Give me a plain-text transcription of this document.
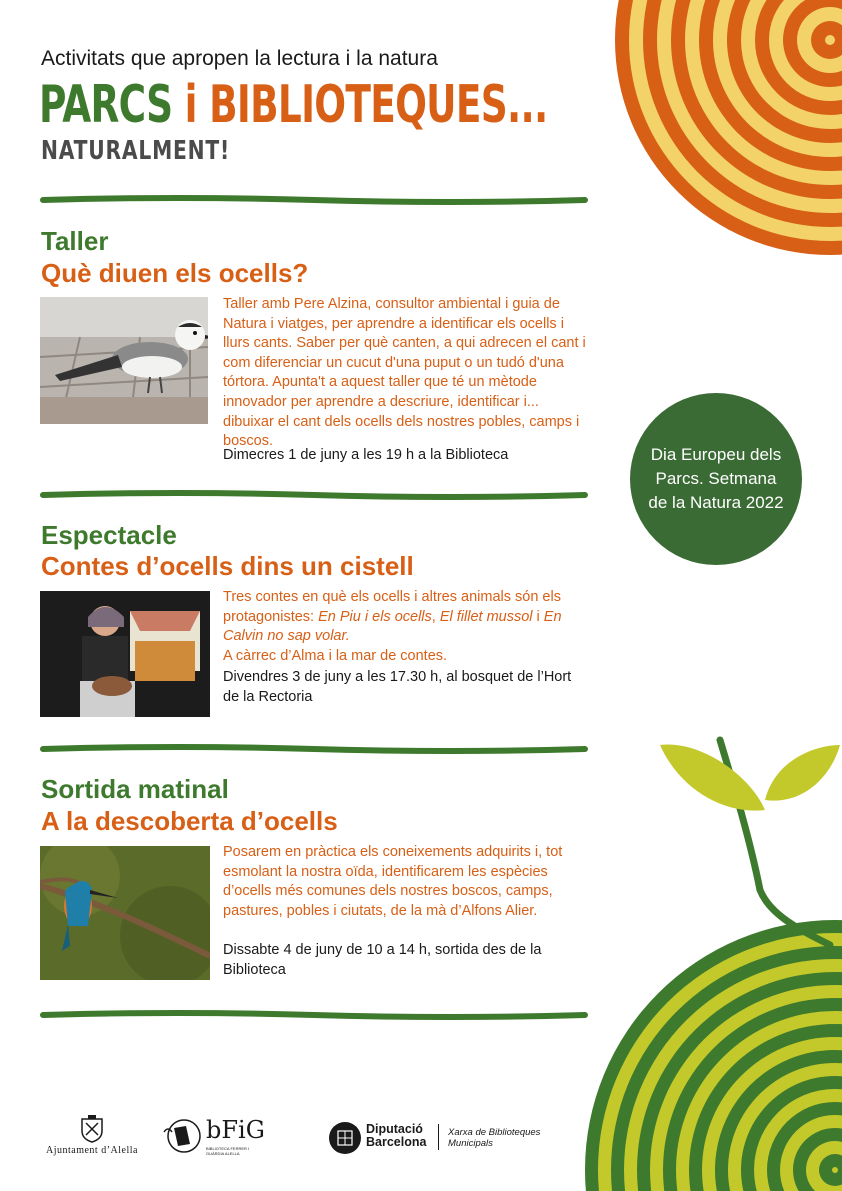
Activitats que apropen la lectura i la natura
PARCS i BIBLIOTEQUES...
NATURALMENT!
Taller
Què diuen els ocells?
Taller amb Pere Alzina, consultor ambiental i guia de Natura i viatges, per aprendre a identificar els ocells i llurs cants. Saber per què canten, a qui adrecen el cant i com diferenciar un cucut d'una puput o un tudó d'una tórtora. Apunta't a aquest taller que té un mètode innovador per aprendre a descriure, identificar i... dibuixar el cant dels ocells dels nostres pobles, camps i boscos.
Dimecres 1 de juny a les 19 h a la Biblioteca
Espectacle
Contes d’ocells dins un cistell
Tres contes en què els ocells i altres animals són els protagonistes: En Piu i els ocells, El fillet mussol i En Calvin no sap volar.
A càrrec d’Alma i la mar de contes.
Divendres 3 de juny a les 17.30 h, al bosquet de l’Hort de la Rectoria
Sortida matinal
A la descoberta d’ocells
Posarem en pràctica els coneixements adquirits i, tot esmolant la nostra oïda, identificarem les espècies d’ocells més comunes dels nostres boscos, camps, pastures, pobles i ciutats, de la mà d’Alfons Alier.
Dissabte 4 de juny de 10 a 14 h, sortida des de la Biblioteca
Dia Europeu dels Parcs. Setmana de la Natura 2022
Ajuntament d’Alella
bFiG
BIBLIOTECA FERRER I GUÀRDIA ALELLA
Diputació
Barcelona
Xarxa de Biblioteques
Municipals
